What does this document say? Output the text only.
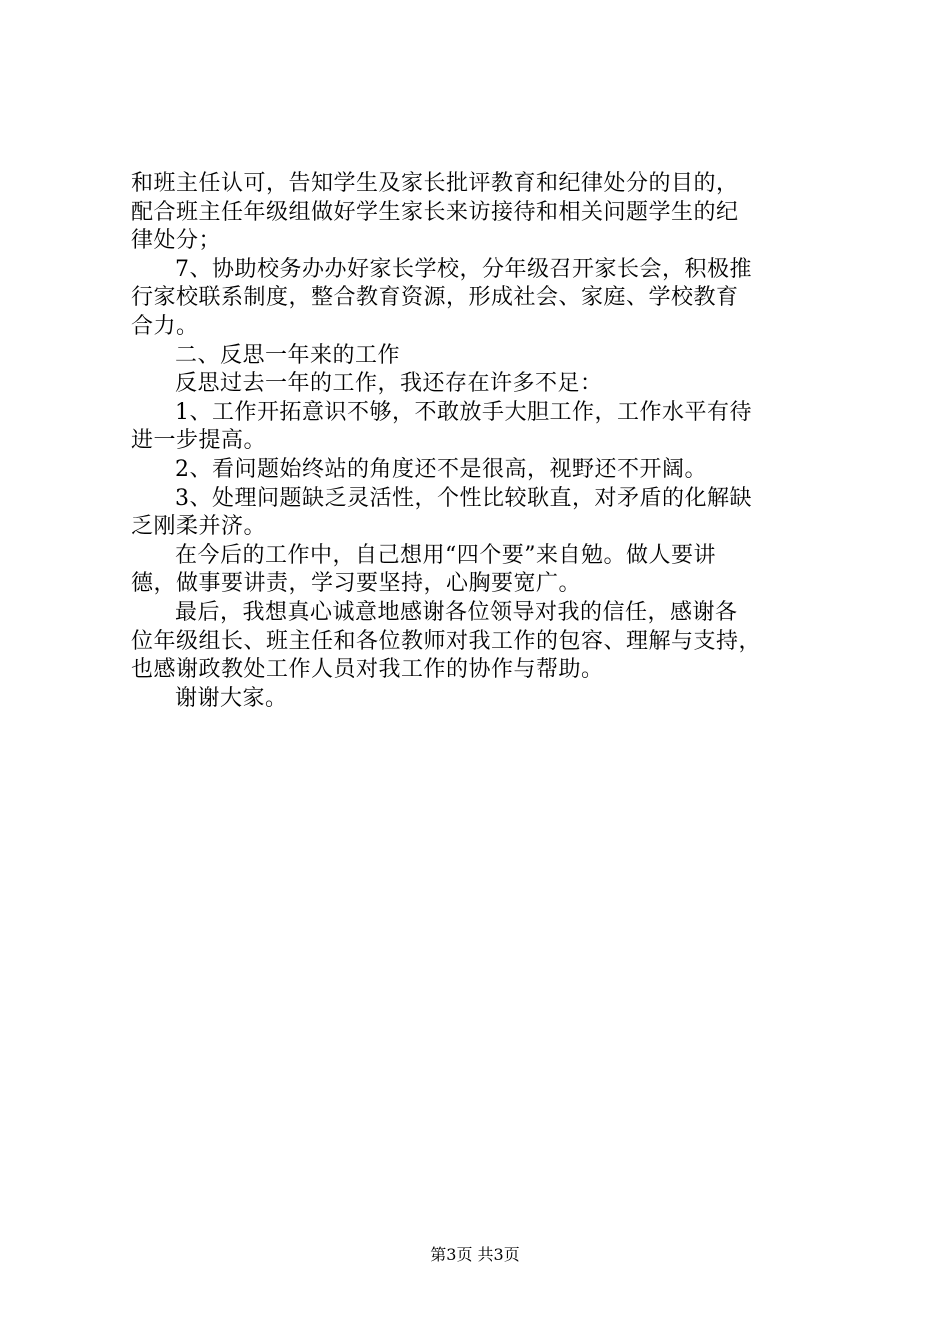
和班主任认可，告知学生及家长批评教育和纪律处分的目的，
配合班主任年级组做好学生家长来访接待和相关问题学生的纪
律处分；
7、协助校务办办好家长学校，分年级召开家长会，积极推
行家校联系制度，整合教育资源，形成社会、家庭、学校教育
合力。
二、反思一年来的工作
反思过去一年的工作，我还存在许多不足：
1、工作开拓意识不够，不敢放手大胆工作，工作水平有待
进一步提高。
2、看问题始终站的角度还不是很高，视野还不开阔。
3、处理问题缺乏灵活性，个性比较耿直，对矛盾的化解缺
乏刚柔并济。
在今后的工作中，自己想用“四个要”来自勉。做人要讲
德，做事要讲责，学习要坚持，心胸要宽广。
最后，我想真心诚意地感谢各位领导对我的信任，感谢各
位年级组长、班主任和各位教师对我工作的包容、理解与支持，
也感谢政教处工作人员对我工作的协作与帮助。
谢谢大家。
第3页 共3页
